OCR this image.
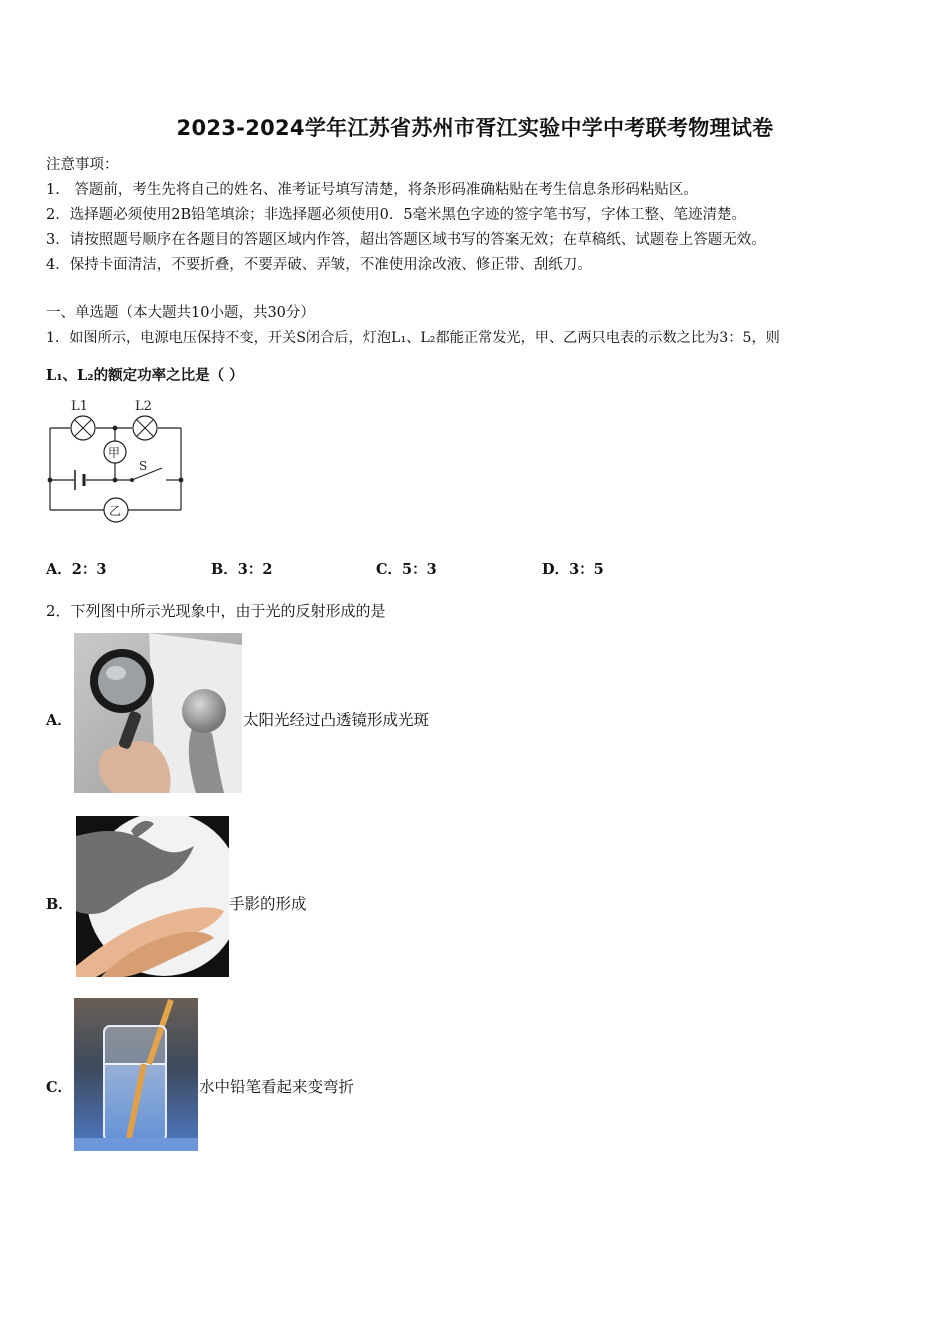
2023-2024学年江苏省苏州市胥江实验中学中考联考物理试卷
注意事项：
1.　答题前，考生先将自己的姓名、准考证号填写清楚，将条形码准确粘贴在考生信息条形码粘贴区。
2．选择题必须使用2B铅笔填涂；非选择题必须使用0．5毫米黑色字迹的签字笔书写，字体工整、笔迹清楚。
3．请按照题号顺序在各题目的答题区域内作答，超出答题区域书写的答案无效；在草稿纸、试题卷上答题无效。
4．保持卡面清洁，不要折叠，不要弄破、弄皱，不准使用涂改液、修正带、刮纸刀。
一、单选题（本大题共10小题，共30分）
1．如图所示，电源电压保持不变，开关S闭合后，灯泡L₁、L₂都能正常发光，甲、乙两只电表的示数之比为3：5，则
L₁、L₂的额定功率之比是（ ）
L1	L2
甲
乙
S
A．2：3	B．3：2	C．5：3	D．3：5
2．下列图中所示光现象中，由于光的反射形成的是
A．	太阳光经过凸透镜形成光斑
B．	手影的形成
C．	水中铅笔看起来变弯折
